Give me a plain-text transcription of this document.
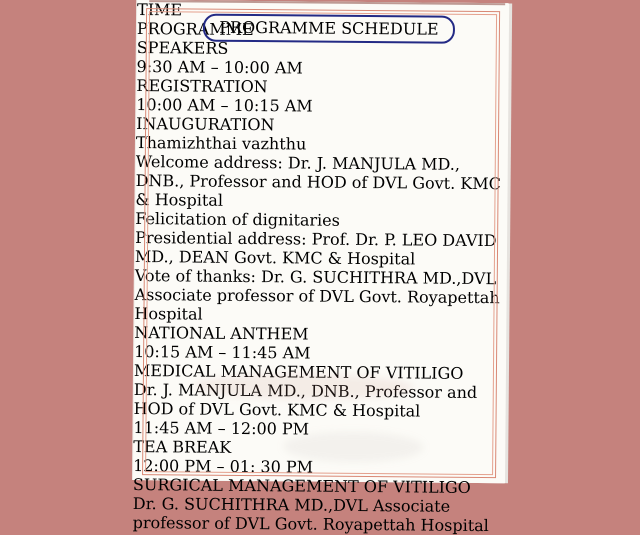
PROGRAMME SCHEDULE
TIME
PROGRAMME
SPEAKERS
9:30 AM – 10:00 AM
REGISTRATION
10:00 AM – 10:15 AM
INAUGURATION
Thamizhthai vazhthu
Welcome address: Dr. J. MANJULA MD., DNB., Professor and HOD of DVL Govt. KMC & Hospital
Felicitation of dignitaries
Presidential address: Prof. Dr. P. LEO DAVID MD., DEAN Govt. KMC & Hospital
Vote of thanks: Dr. G. SUCHITHRA MD.,DVL Associate professor of DVL Govt. Royapettah Hospital
NATIONAL ANTHEM
10:15 AM – 11:45 AM
MEDICAL MANAGEMENT OF VITILIGO
Dr. J. MANJULA MD., DNB., Professor and HOD of DVL Govt. KMC & Hospital
11:45 AM – 12:00 PM
TEA BREAK
12:00 PM – 01: 30 PM
SURGICAL MANAGEMENT OF VITILIGO
Dr. G. SUCHITHRA MD.,DVL Associate professor of DVL Govt. Royapettah Hospital
